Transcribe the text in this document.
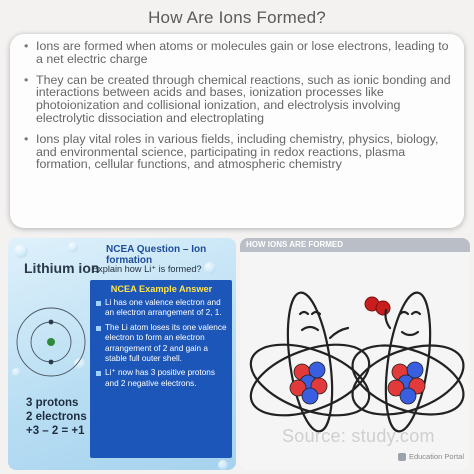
How Are Ions Formed?
• Ions are formed when atoms or molecules gain or lose electrons, leading to a net electric charge
• They can be created through chemical reactions, such as ionic bonding and interactions between acids and bases, ionization processes like photoionization and collisional ionization, and electrolysis involving electrolytic dissociation and electroplating
• Ions play vital roles in various fields, including chemistry, physics, biology, and environmental science, participating in redox reactions, plasma formation, cellular functions, and atmospheric chemistry
Lithium ion
3 protons
2 electrons
+3 – 2 = +1
NCEA Question – Ion formation
Explain how Li⁺ is formed?
NCEA Example Answer
Li has one valence electron and an electron arrangement of 2, 1.
The Li atom loses its one valence electron to form an electron arrangement of 2 and gain a stable full outer shell.
Li⁺ now has 3 positive protons and 2 negative electrons.
HOW IONS ARE FORMED
Source: study.com
Education Portal
